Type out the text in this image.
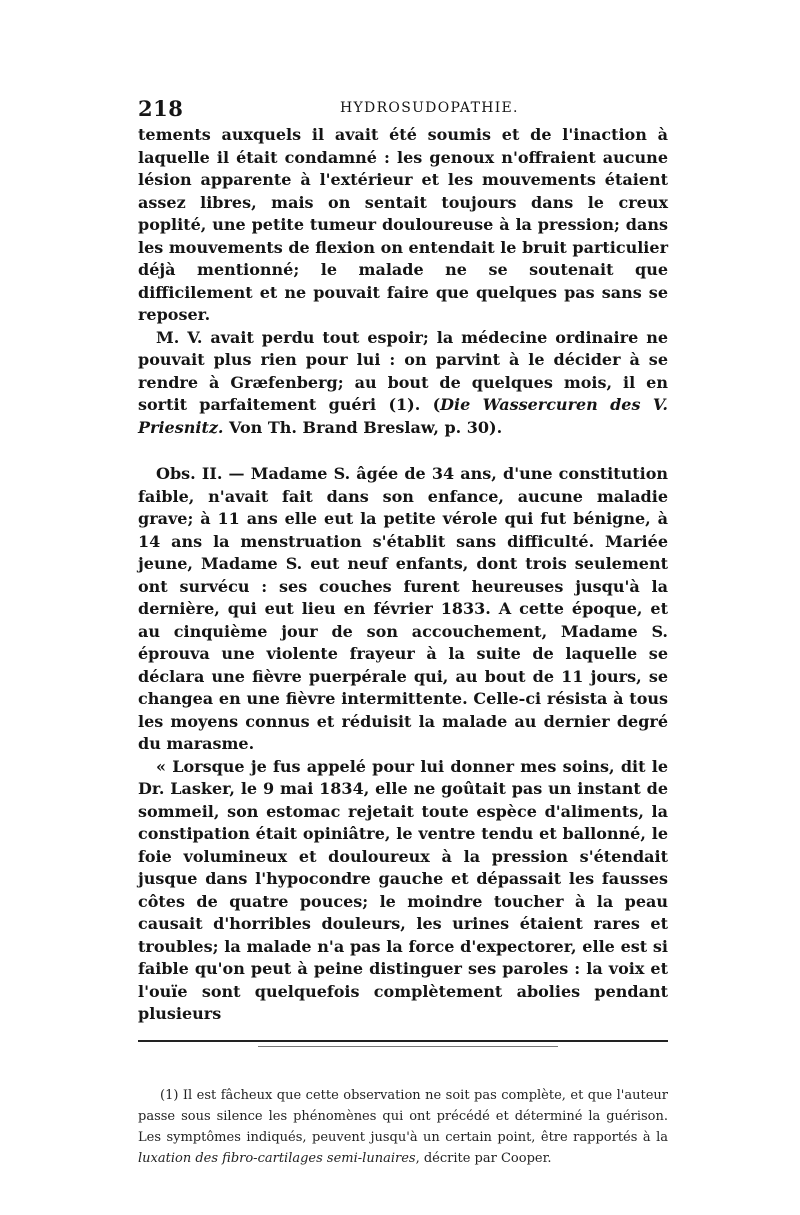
218	HYDROSUDOPATHIE.

tements auxquels il avait été soumis et de l'inaction à laquelle il était condamné : les genoux n'offraient aucune lésion apparente à l'extérieur et les mouvements étaient assez libres, mais on sentait toujours dans le creux poplité, une petite tumeur douloureuse à la pression; dans les mouvements de flexion on entendait le bruit particulier déjà mentionné; le malade ne se soutenait que difficilement et ne pouvait faire que quelques pas sans se reposer.

M. V. avait perdu tout espoir; la médecine ordinaire ne pouvait plus rien pour lui : on parvint à le décider à se rendre à Græfenberg; au bout de quelques mois, il en sortit parfaitement guéri (1). (Die Wassercuren des V. Priesnitz. Von Th. Brand Breslaw, p. 30).

Obs. II. — Madame S. âgée de 34 ans, d'une constitution faible, n'avait fait dans son enfance, aucune maladie grave; à 11 ans elle eut la petite vérole qui fut bénigne, à 14 ans la menstruation s'établit sans difficulté. Mariée jeune, Madame S. eut neuf enfants, dont trois seulement ont survécu : ses couches furent heureuses jusqu'à la dernière, qui eut lieu en février 1833. A cette époque, et au cinquième jour de son accouchement, Madame S. éprouva une violente frayeur à la suite de laquelle se déclara une fièvre puerpérale qui, au bout de 11 jours, se changea en une fièvre intermittente. Celle-ci résista à tous les moyens connus et réduisit la malade au dernier degré du marasme.

« Lorsque je fus appelé pour lui donner mes soins, dit le Dr. Lasker, le 9 mai 1834, elle ne goûtait pas un instant de sommeil, son estomac rejetait toute espèce d'aliments, la constipation était opiniâtre, le ventre tendu et ballonné, le foie volumineux et douloureux à la pression s'étendait jusque dans l'hypocondre gauche et dépassait les fausses côtes de quatre pouces; le moindre toucher à la peau causait d'horribles douleurs, les urines étaient rares et troubles; la malade n'a pas la force d'expectorer, elle est si faible qu'on peut à peine distinguer ses paroles : la voix et l'ouïe sont quelquefois complètement abolies pendant plusieurs

(1) Il est fâcheux que cette observation ne soit pas complète, et que l'auteur passe sous silence les phénomènes qui ont précédé et déterminé la guérison. Les symptômes indiqués, peuvent jusqu'à un certain point, être rapportés à la luxation des fibro-cartilages semi-lunaires, décrite par Cooper.
